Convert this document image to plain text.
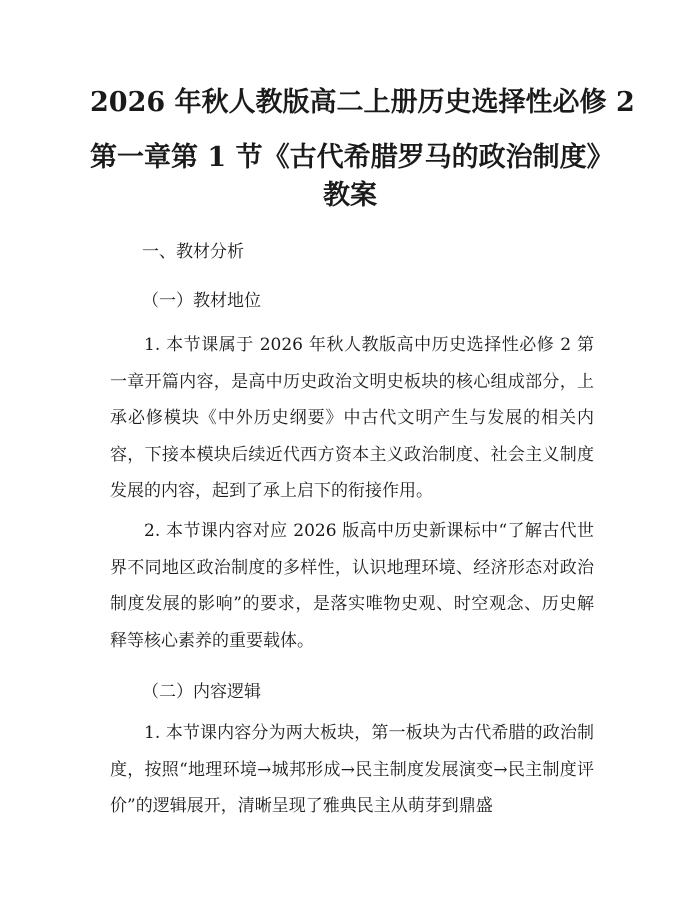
2026 年秋人教版高二上册历史选择性必修 2
第一章第 1 节《古代希腊罗马的政治制度》
教案
一、教材分析
（一）教材地位

1. 本节课属于 2026 年秋人教版高中历史选择性必修 2 第一章开篇内容，是高中历史政治文明史板块的核心组成部分，上承必修模块《中外历史纲要》中古代文明产生与发展的相关内容，下接本模块后续近代西方资本主义政治制度、社会主义制度发展的内容，起到了承上启下的衔接作用。

2. 本节课内容对应 2026 版高中历史新课标中“了解古代世界不同地区政治制度的多样性，认识地理环境、经济形态对政治制度发展的影响”的要求，是落实唯物史观、时空观念、历史解释等核心素养的重要载体。

（二）内容逻辑

1. 本节课内容分为两大板块，第一板块为古代希腊的政治制度，按照“地理环境→城邦形成→民主制度发展演变→民主制度评价”的逻辑展开，清晰呈现了雅典民主从萌芽到鼎盛
